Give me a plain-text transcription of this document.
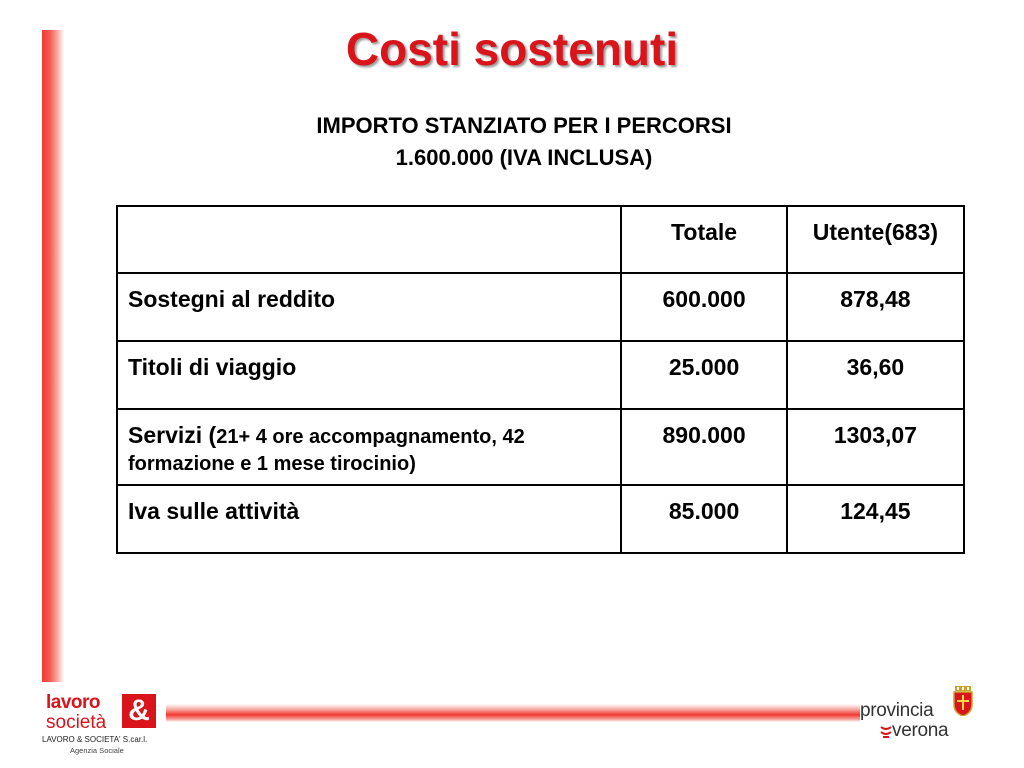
Costi sostenuti
IMPORTO STANZIATO PER I PERCORSI
1.600.000 (IVA INCLUSA)
	Totale	Utente(683)
Sostegni al reddito	600.000	878,48
Titoli di viaggio	25.000	36,60
Servizi (21+ 4 ore accompagnamento, 42 formazione e 1 mese tirocinio)	890.000	1303,07
Iva sulle attività	85.000	124,45
lavoro &
società
LAVORO & SOCIETA' S.car.l.
Agenzia Sociale
provincia
verona
